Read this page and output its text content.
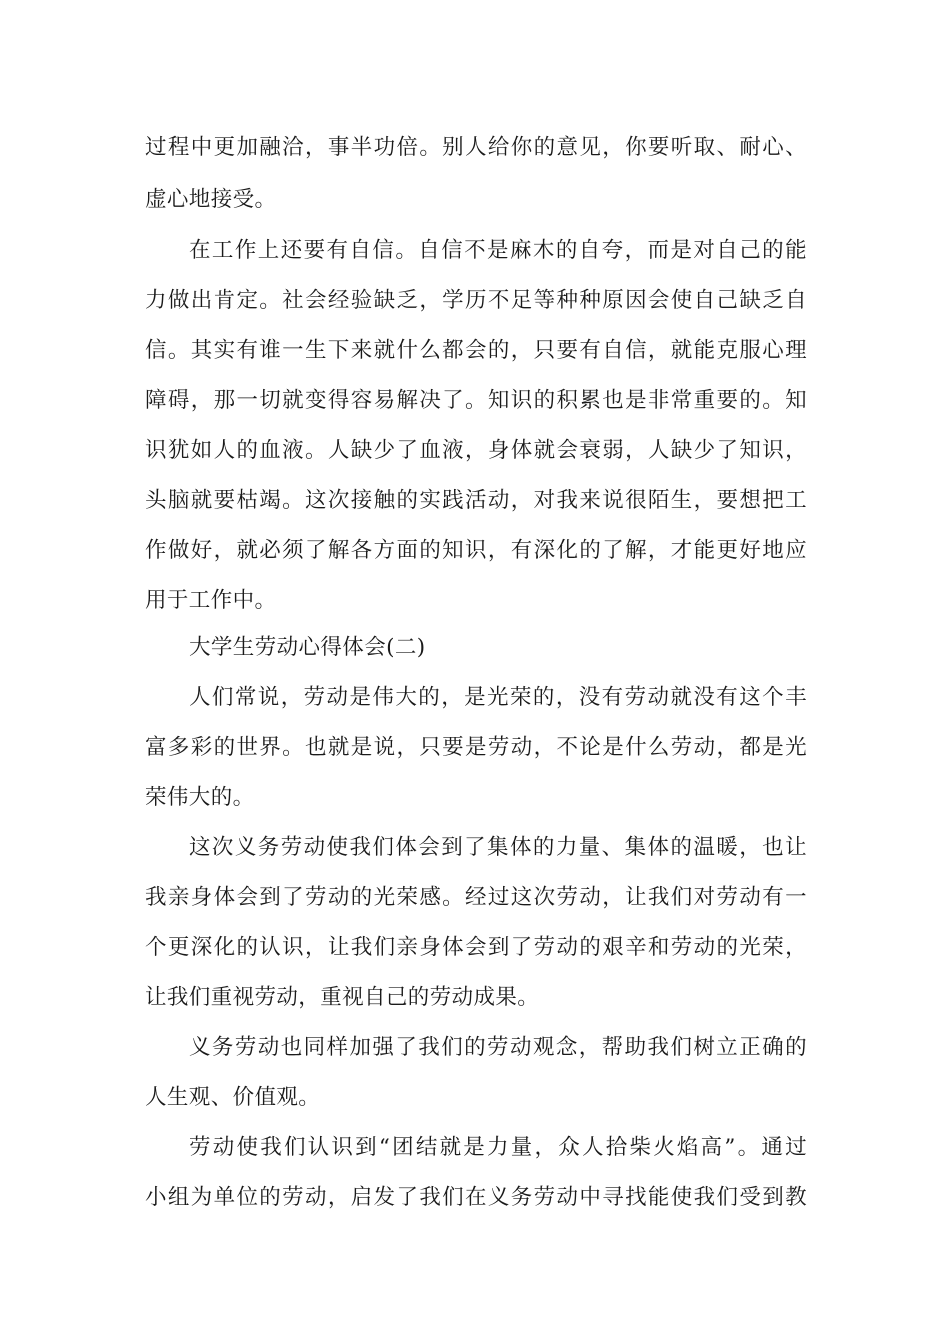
过程中更加融洽，事半功倍。别人给你的意见，你要听取、耐心、
虚心地接受。
在工作上还要有自信。自信不是麻木的自夸，而是对自己的能
力做出肯定。社会经验缺乏，学历不足等种种原因会使自己缺乏自
信。其实有谁一生下来就什么都会的，只要有自信，就能克服心理
障碍，那一切就变得容易解决了。知识的积累也是非常重要的。知
识犹如人的血液。人缺少了血液，身体就会衰弱，人缺少了知识，
头脑就要枯竭。这次接触的实践活动，对我来说很陌生，要想把工
作做好，就必须了解各方面的知识，有深化的了解，才能更好地应
用于工作中。
大学生劳动心得体会(二)
人们常说，劳动是伟大的，是光荣的，没有劳动就没有这个丰
富多彩的世界。也就是说，只要是劳动，不论是什么劳动，都是光
荣伟大的。
这次义务劳动使我们体会到了集体的力量、集体的温暖，也让
我亲身体会到了劳动的光荣感。经过这次劳动，让我们对劳动有一
个更深化的认识，让我们亲身体会到了劳动的艰辛和劳动的光荣，
让我们重视劳动，重视自己的劳动成果。
义务劳动也同样加强了我们的劳动观念，帮助我们树立正确的
人生观、价值观。
劳动使我们认识到“团结就是力量，众人拾柴火焰高”。通过
小组为单位的劳动，启发了我们在义务劳动中寻找能使我们受到教
